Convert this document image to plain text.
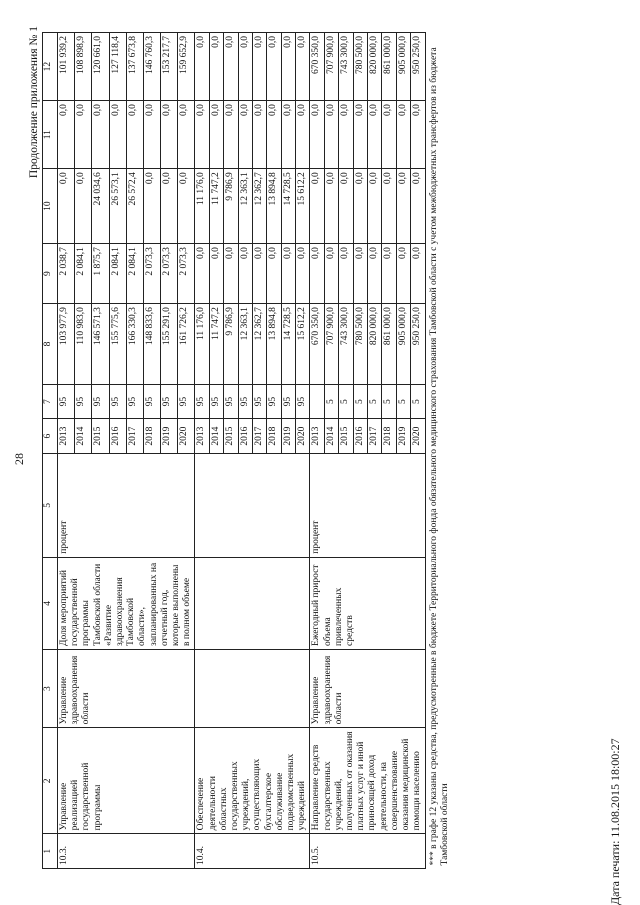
28
Продолжение приложения № 1
1	2	3	4	5	6	7	8	9	10	11	12
10.3.	Управление реализацией государственной программы	Управление здравоохранения области	Доля мероприятий государственной программы Тамбовской области «Развитие здравоохранения Тамбовской области», запланированных на отчетный год, которые выполнены в полном объеме	процент	2013	95	103 977,9	2 038,7	0,0	0,0	101 939,2
					2014	95	110 983,0	2 084,1	0,0	0,0	108 898,9
					2015	95	146 571,3	1 875,7	24 034,6	0,0	120 661,0
					2016	95	155 775,6	2 084,1	26 573,1	0,0	127 118,4
					2017	95	166 330,3	2 084,1	26 572,4	0,0	137 673,8
					2018	95	148 833,6	2 073,3	0,0	0,0	146 760,3
					2019	95	155 291,0	2 073,3	0,0	0,0	153 217,7
					2020	95	161 726,2	2 073,3	0,0	0,0	159 652,9
10.4.	Обеспечение деятельности областных государственных учреждений, осуществляющих бухгалтерское обслуживание подведомственных учреждений				2013	95	11 176,0	0,0	11 176,0	0,0	0,0
					2014	95	11 747,2	0,0	11 747,2	0,0	0,0
					2015	95	9 786,9	0,0	9 786,9	0,0	0,0
					2016	95	12 363,1	0,0	12 363,1	0,0	0,0
					2017	95	12 362,7	0,0	12 362,7	0,0	0,0
					2018	95	13 894,8	0,0	13 894,8	0,0	0,0
					2019	95	14 728,5	0,0	14 728,5	0,0	0,0
					2020	95	15 612,2	0,0	15 612,2	0,0	0,0
10.5.	Направление средств государственных учреждений, полученных от оказания платных услуг и иной приносящей доход деятельности, на совершенствование оказания медицинской помощи населению	Управление здравоохранения области	Ежегодный прирост объема привлеченных средств	процент	2013		670 350,0	0,0	0,0	0,0	670 350,0
					2014	5	707 900,0	0,0	0,0	0,0	707 900,0
					2015	5	743 300,0	0,0	0,0	0,0	743 300,0
					2016	5	780 500,0	0,0	0,0	0,0	780 500,0
					2017	5	820 000,0	0,0	0,0	0,0	820 000,0
					2018	5	861 000,0	0,0	0,0	0,0	861 000,0
					2019	5	905 000,0	0,0	0,0	0,0	905 000,0
					2020	5	950 250,0	0,0	0,0	0,0	950 250,0
*** в графе 12 указаны средства, предусмотренные в бюджете Территориального фонда обязательного медицинского страхования Тамбовской области с учетом межбюджетных трансфертов из бюджета Тамбовской области												Дата печати: 11.08.2015 18:00:27
